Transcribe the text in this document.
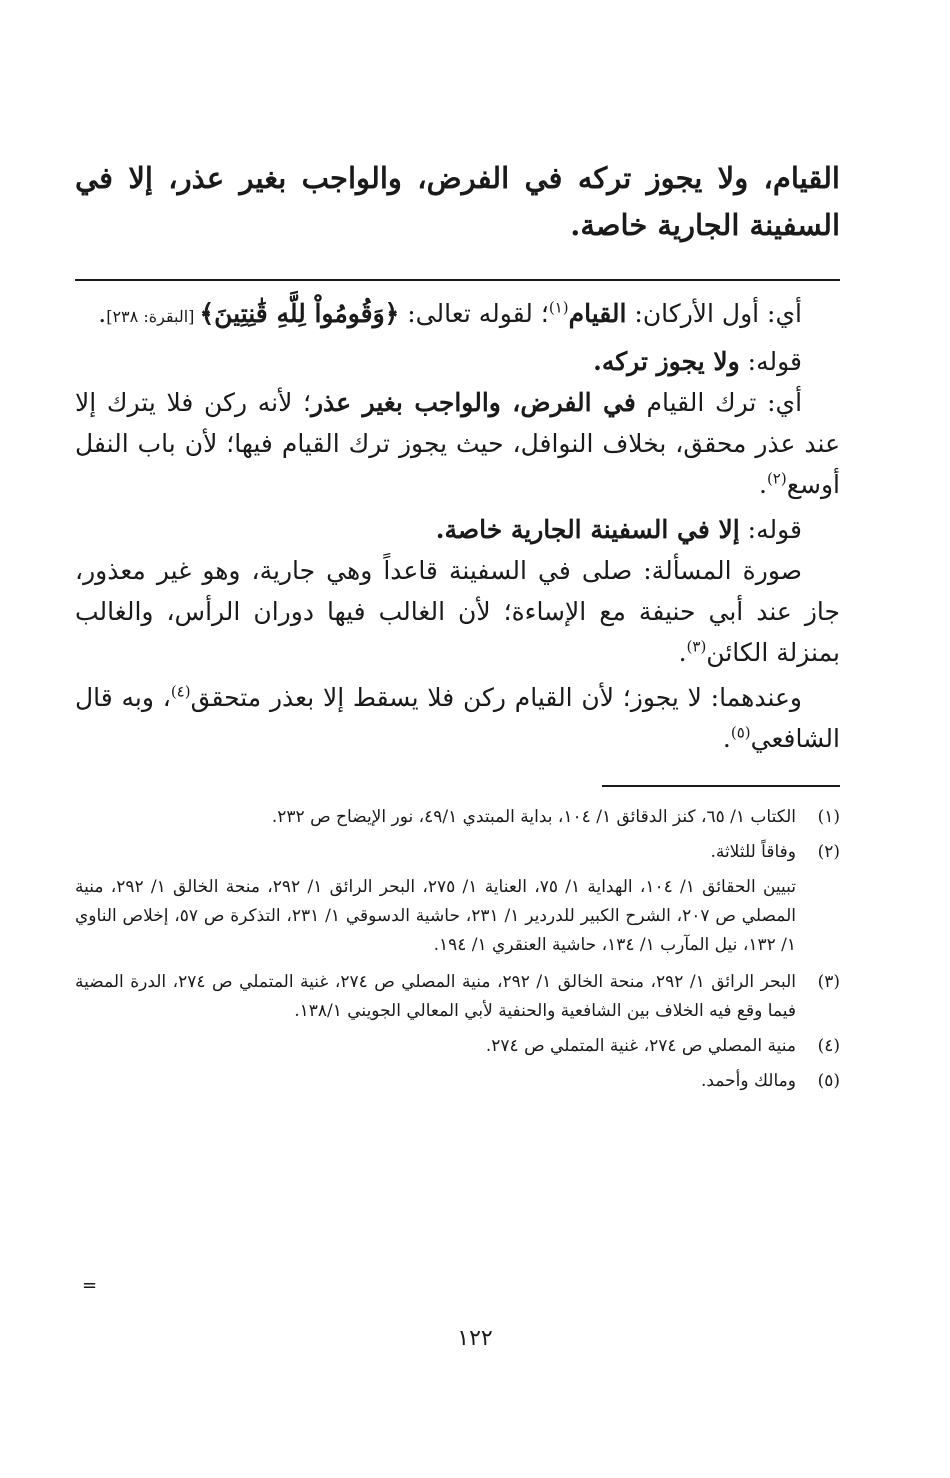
القيام، ولا يجوز تركه في الفرض، والواجب بغير عذر، إلا في السفينة الجارية خاصة.

أي: أول الأركان: القيام$^{(١)}$؛ لقوله تعالى: ﴿وَقُومُواْ لِلَّهِ قَٰنِتِينَ﴾ [البقرة: ٢٣٨].

قوله: ولا يجوز تركه.

أي: ترك القيام في الفرض، والواجب بغير عذر؛ لأنه ركن فلا يترك إلا عند عذر محقق، بخلاف النوافل، حيث يجوز ترك القيام فيها؛ لأن باب النفل أوسع$^{(٢)}$.

قوله: إلا في السفينة الجارية خاصة.

صورة المسألة: صلى في السفينة قاعداً وهي جارية، وهو غير معذور، جاز عند أبي حنيفة مع الإساءة؛ لأن الغالب فيها دوران الرأس، والغالب بمنزلة الكائن$^{(٣)}$.

وعندهما: لا يجوز؛ لأن القيام ركن فلا يسقط إلا بعذر متحقق$^{(٤)}$، وبه قال الشافعي$^{(٥)}$.

(١)
الكتاب ١/ ٦٥، كنز الدقائق ١/ ١٠٤، بداية المبتدي ٤٩/١، نور الإيضاح ص ٢٣٢.
(٢)
وفاقاً للثلاثة.
تبيين الحقائق ١/ ١٠٤، الهداية ١/ ٧٥، العناية ١/ ٢٧٥، البحر الرائق ١/ ٢٩٢، منحة الخالق ١/ ٢٩٢، منية المصلي ص ٢٠٧، الشرح الكبير للدردير ١/ ٢٣١، حاشية الدسوقي ١/ ٢٣١، التذكرة ص ٥٧، إخلاص الناوي ١/ ١٣٢، نيل المآرب ١/ ١٣٤، حاشية العنقري ١/ ١٩٤.
(٣)
البحر الرائق ١/ ٢٩٢، منحة الخالق ١/ ٢٩٢، منية المصلي ص ٢٧٤، غنية المتملي ص ٢٧٤، الدرة المضية فيما وقع فيه الخلاف بين الشافعية والحنفية لأبي المعالي الجويني ١٣٨/١.
(٤)
منية المصلي ص ٢٧٤، غنية المتملي ص ٢٧٤.
(٥)
ومالك وأحمد.
=
١٢٢
